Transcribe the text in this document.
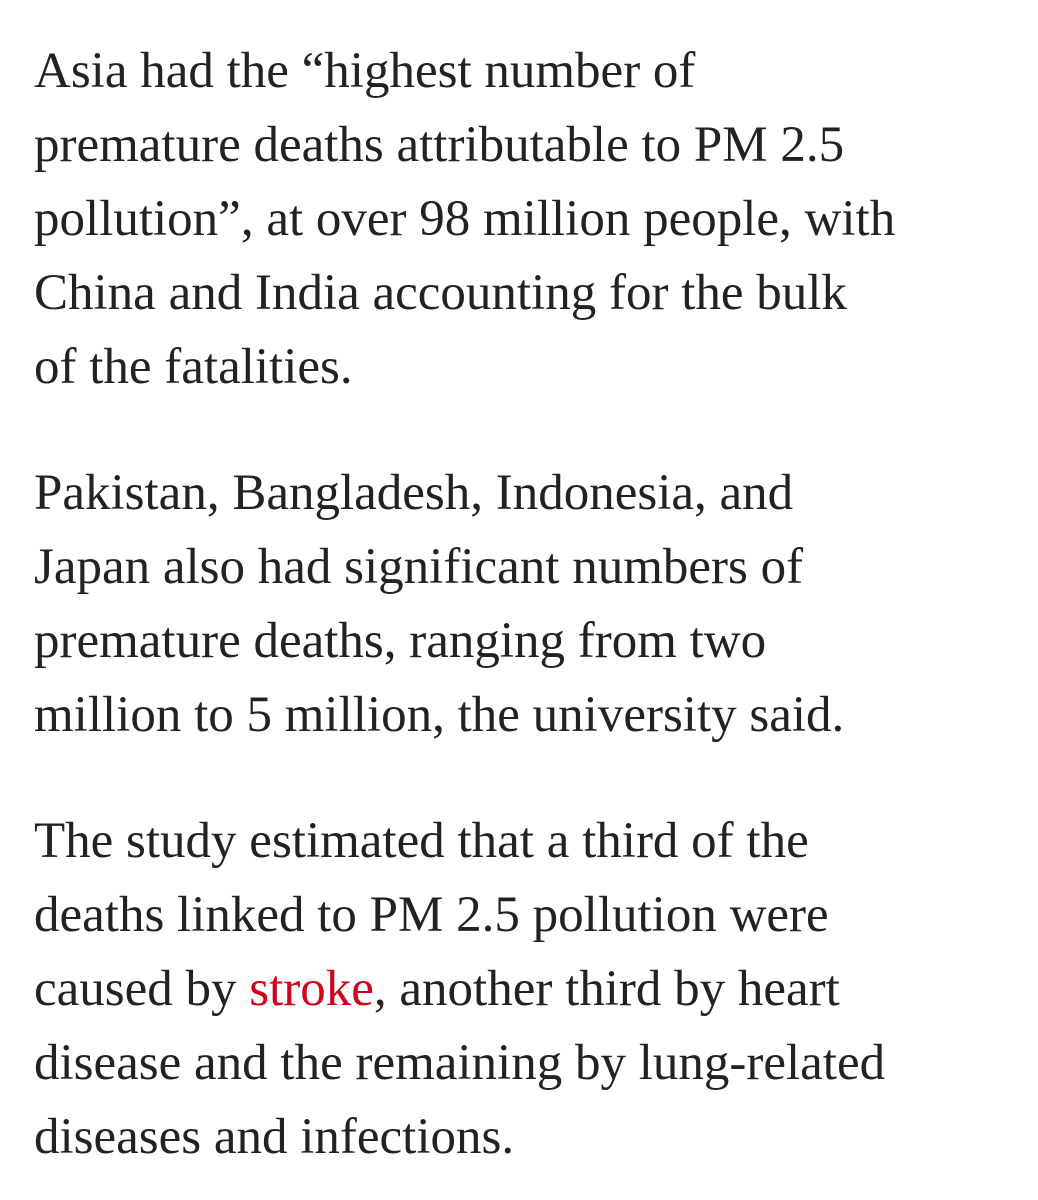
Asia had the “highest number of
premature deaths attributable to PM 2.5
pollution”, at over 98 million people, with
China and India accounting for the bulk
of the fatalities.

Pakistan, Bangladesh, Indonesia, and
Japan also had significant numbers of
premature deaths, ranging from two
million to 5 million, the university said.

The study estimated that a third of the
deaths linked to PM 2.5 pollution were
caused by stroke, another third by heart
disease and the remaining by lung-related
diseases and infections.
